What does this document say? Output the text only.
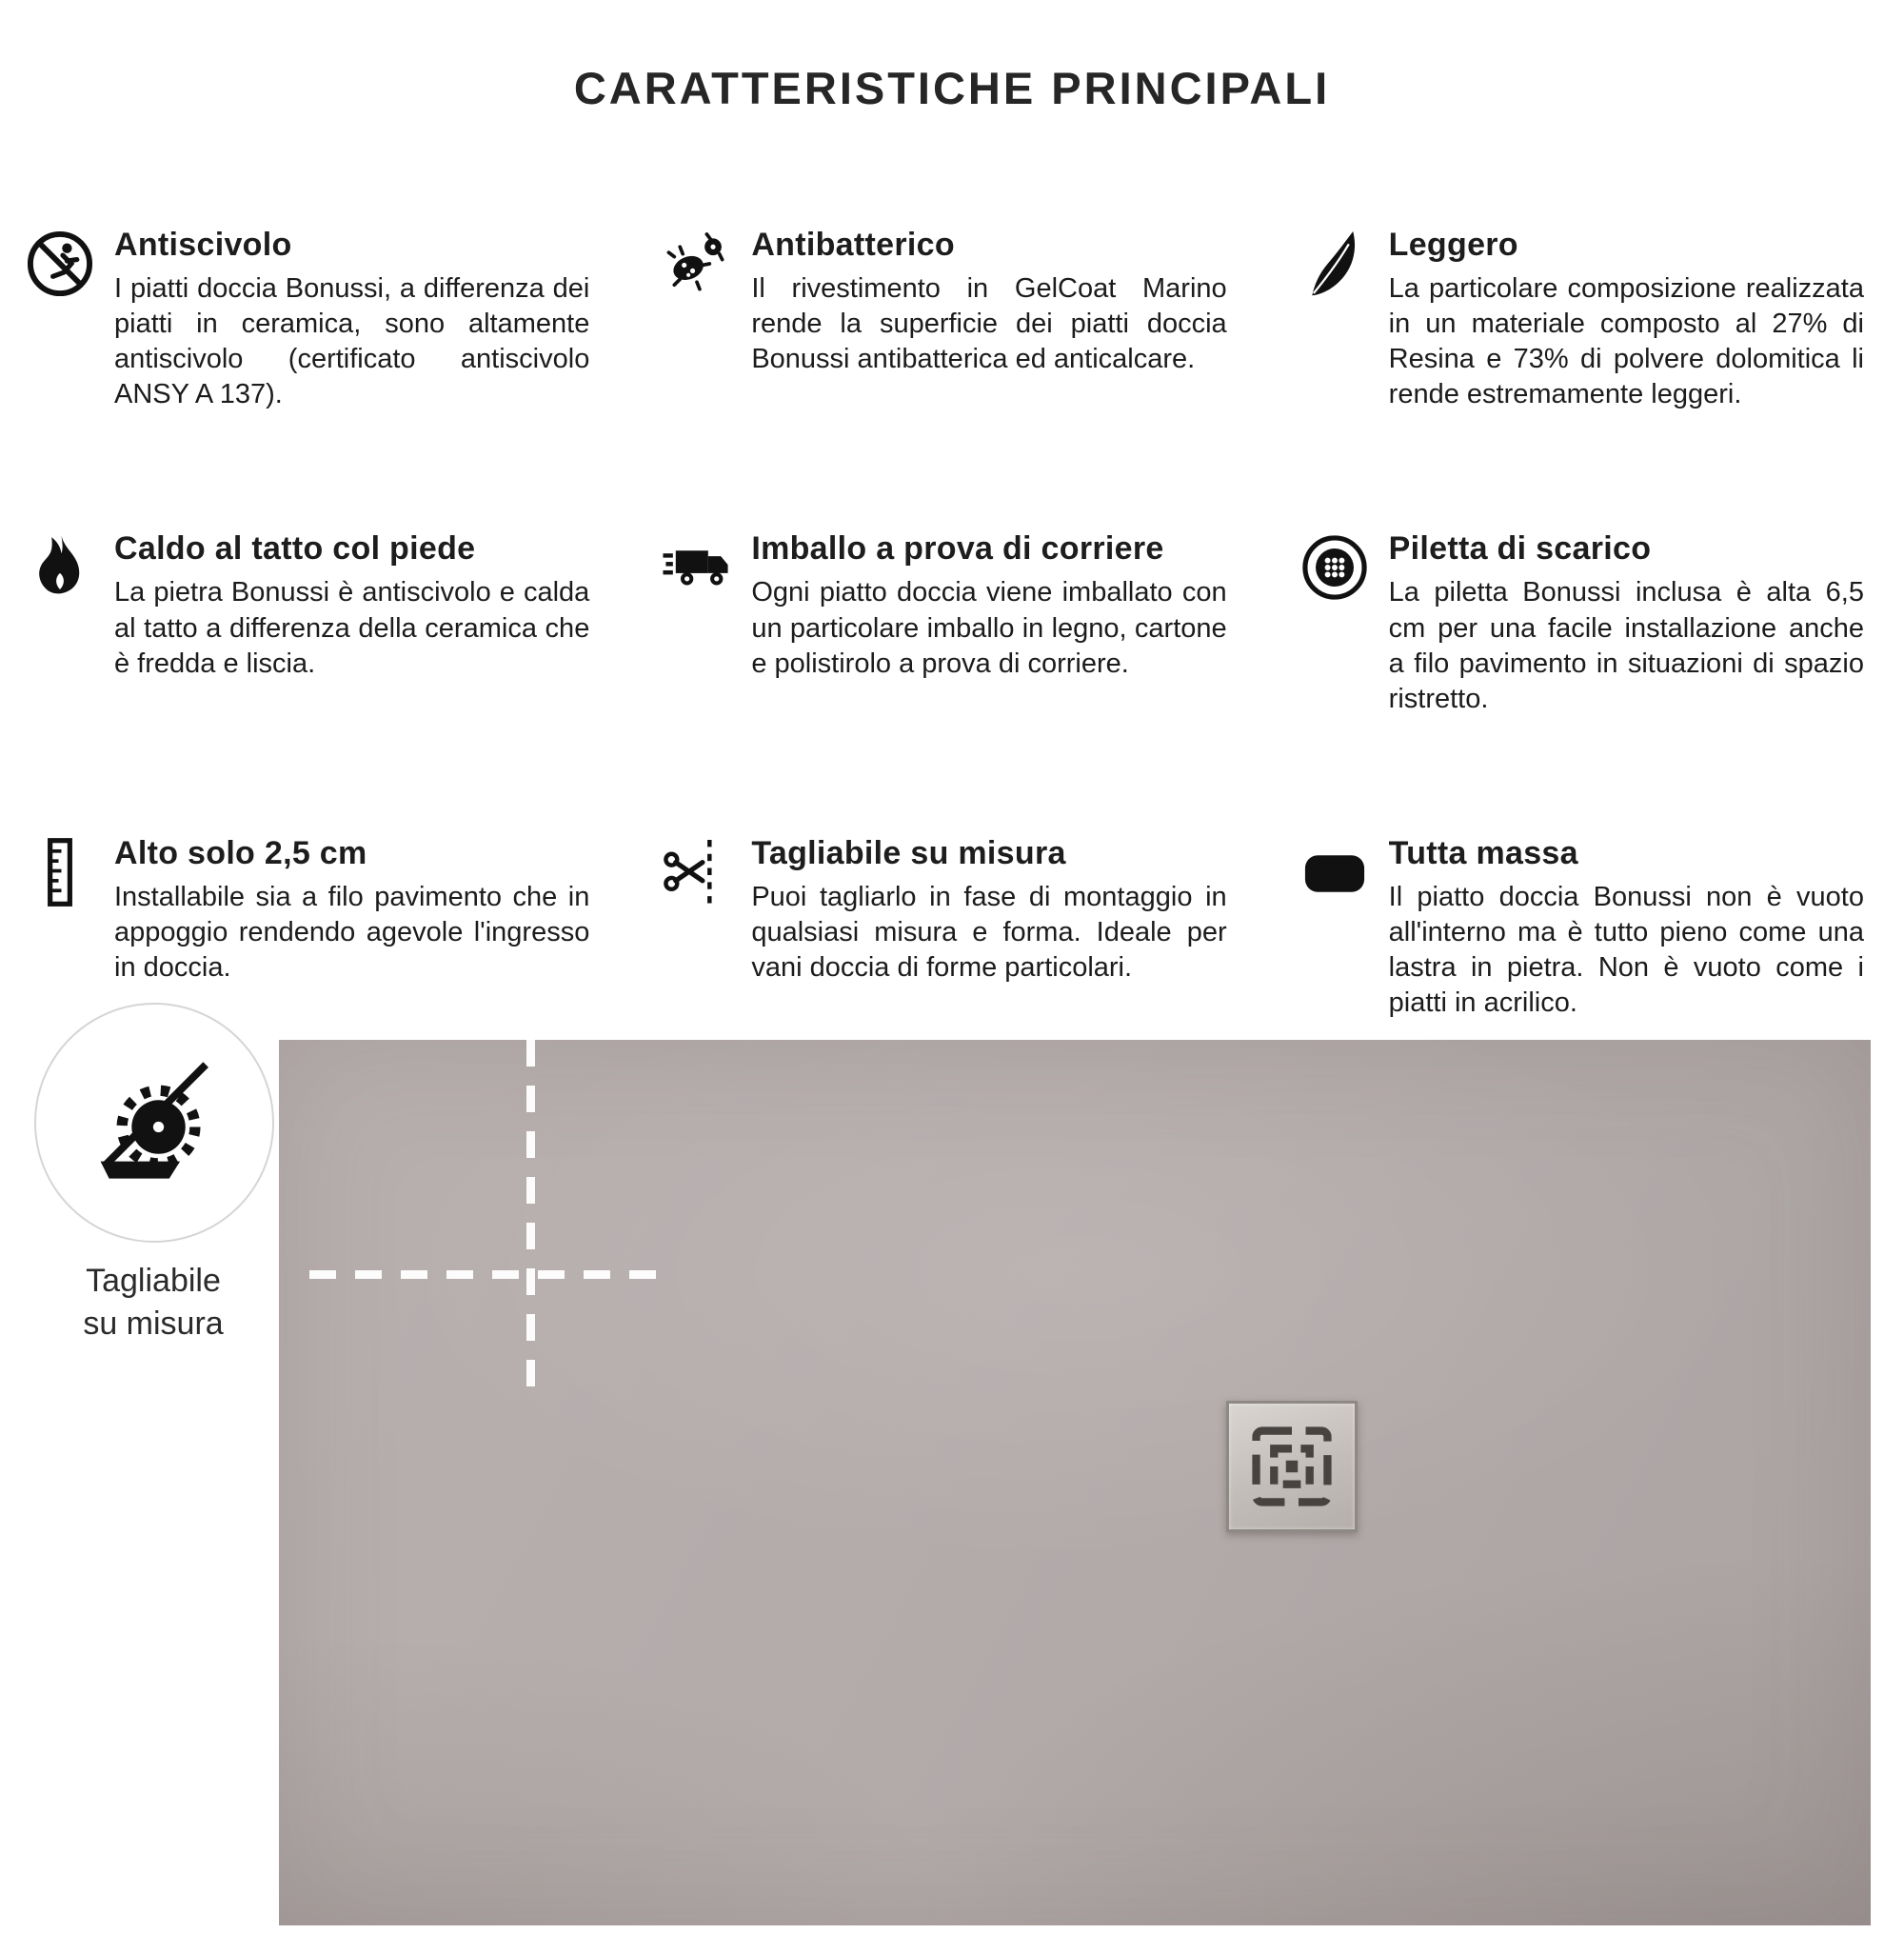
CARATTERISTICHE PRINCIPALI
Antiscivolo

I piatti doccia Bonussi, a differenza dei piatti in ceramica, sono altamente antiscivolo (certificato antiscivolo ANSY A 137).

Antibatterico

Il rivestimento in GelCoat Marino rende la superficie dei piatti doccia Bonussi antibatterica ed anticalcare.

Leggero

La particolare composizione realizzata in un materiale composto al 27% di Resina e 73% di polvere dolomitica li rende estremamente leggeri.

Caldo al tatto col piede

La pietra Bonussi è antiscivolo e calda al tatto a differenza della ceramica che è fredda e liscia.

Imballo a prova di corriere

Ogni piatto doccia viene imballato con un particolare imballo in legno, cartone e polistirolo a prova di corriere.

Piletta di scarico

La piletta Bonussi inclusa è alta 6,5 cm per una facile installazione anche a filo pavimento in situazioni di spazio ristretto.

Alto solo 2,5 cm

Installabile sia a filo pavimento che in appoggio rendendo agevole l'ingresso in doccia.

Tagliabile su misura

Puoi tagliarlo in fase di montaggio in qualsiasi misura e forma. Ideale per vani doccia di forme particolari.

Tutta massa

Il piatto doccia Bonussi non è vuoto all'interno ma è tutto pieno come una lastra in pietra. Non è vuoto come i piatti in acrilico.

Tagliabile
su misura
